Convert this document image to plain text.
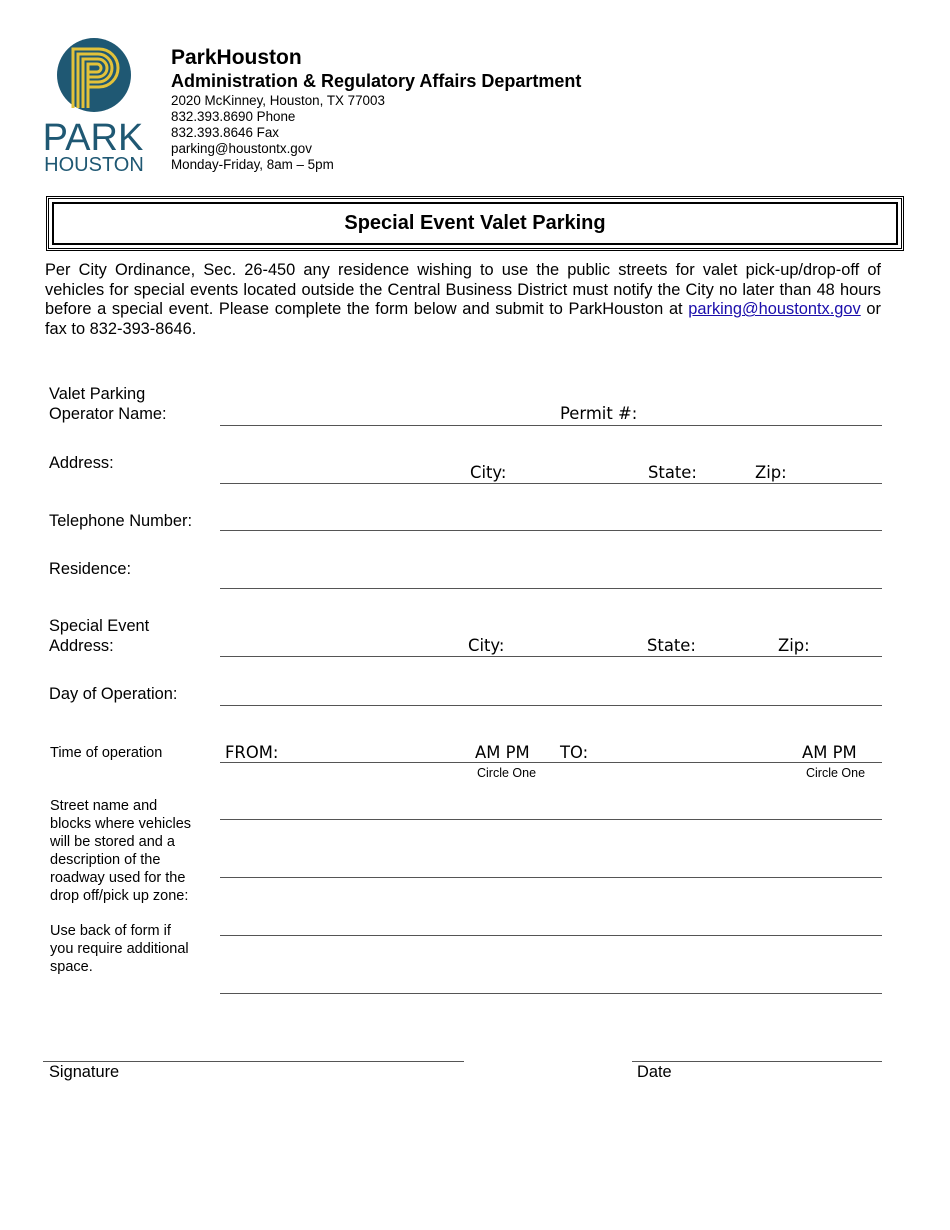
PARK
HOUSTON
ParkHouston
Administration & Regulatory Affairs Department
2020 McKinney, Houston, TX 77003
832.393.8690 Phone
832.393.8646 Fax
parking@houstontx.gov
Monday-Friday, 8am – 5pm
Special Event Valet Parking
Per City Ordinance, Sec. 26-450 any residence wishing to use the public streets for valet pick-up/drop-off of vehicles for special events located outside the Central Business District must notify the City no later than 48 hours before a special event. Please complete the form below and submit to ParkHouston at parking@houstontx.gov or fax to 832-393-8646.
Valet Parking
Operator Name:	Permit #:
Address:	City:	State:	Zip:
Telephone Number:
Residence:
Special Event
Address:	City:	State:	Zip:
Day of Operation:
Time of operation	FROM:	AM PM TO:	AM PM
Circle One	Circle One
Street name and
blocks where vehicles
will be stored and a
description of the
roadway used for the
drop off/pick up zone:
Use back of form if
you require additional
space.
Signature	Date
